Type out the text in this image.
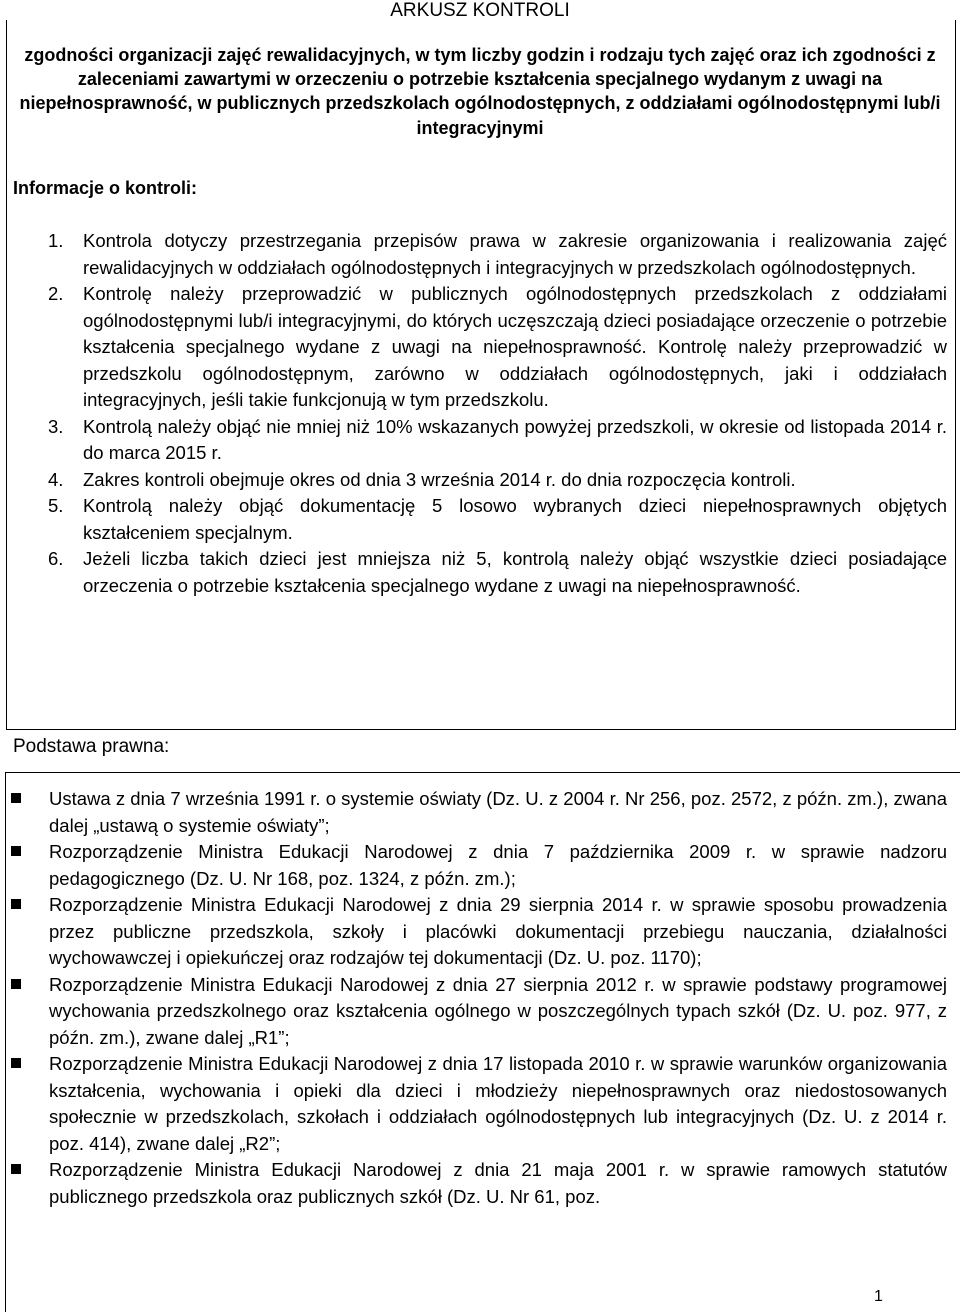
ARKUSZ KONTROLI
zgodności organizacji zajęć rewalidacyjnych, w tym liczby godzin i rodzaju tych zajęć oraz ich zgodności z zaleceniami zawartymi w orzeczeniu o potrzebie kształcenia specjalnego wydanym z uwagi na niepełnosprawność, w publicznych przedszkolach ogólnodostępnych, z oddziałami ogólnodostępnymi lub/i integracyjnymi
Informacje o kontroli:
1. Kontrola dotyczy przestrzegania przepisów prawa w zakresie organizowania i realizowania zajęć rewalidacyjnych w oddziałach ogólnodostępnych i integracyjnych w przedszkolach ogólnodostępnych.
2. Kontrolę należy przeprowadzić w publicznych ogólnodostępnych przedszkolach z oddziałami ogólnodostępnymi lub/i integracyjnymi, do których uczęszczają dzieci posiadające orzeczenie o potrzebie kształcenia specjalnego wydane z uwagi na niepełnosprawność. Kontrolę należy przeprowadzić w przedszkolu ogólnodostępnym, zarówno w oddziałach ogólnodostępnych, jaki i oddziałach integracyjnych, jeśli takie funkcjonują w tym przedszkolu.
3. Kontrolą należy objąć nie mniej niż 10% wskazanych powyżej przedszkoli, w okresie od listopada 2014 r. do marca 2015 r.
4. Zakres kontroli obejmuje okres od dnia 3 września 2014 r. do dnia rozpoczęcia kontroli.
5. Kontrolą należy objąć dokumentację 5 losowo wybranych dzieci niepełnosprawnych objętych kształceniem specjalnym.
6. Jeżeli liczba takich dzieci jest mniejsza niż 5, kontrolą należy objąć wszystkie dzieci posiadające orzeczenia o potrzebie kształcenia specjalnego wydane z uwagi na niepełnosprawność.
Podstawa prawna:
Ustawa z dnia 7 września 1991 r. o systemie oświaty (Dz. U. z 2004 r. Nr 256, poz. 2572, z późn. zm.), zwana dalej „ustawą o systemie oświaty”;
Rozporządzenie Ministra Edukacji Narodowej z dnia 7 października 2009 r. w sprawie nadzoru pedagogicznego (Dz. U. Nr 168, poz. 1324, z późn. zm.);
Rozporządzenie Ministra Edukacji Narodowej z dnia 29 sierpnia 2014 r. w sprawie sposobu prowadzenia przez publiczne przedszkola, szkoły i placówki dokumentacji przebiegu nauczania, działalności wychowawczej i opiekuńczej oraz rodzajów tej dokumentacji (Dz. U. poz. 1170);
Rozporządzenie Ministra Edukacji Narodowej z dnia 27 sierpnia 2012 r. w sprawie podstawy programowej wychowania przedszkolnego oraz kształcenia ogólnego w poszczególnych typach szkół (Dz. U. poz. 977, z późn. zm.), zwane dalej „R1”;
Rozporządzenie Ministra Edukacji Narodowej z dnia 17 listopada 2010 r. w sprawie warunków organizowania kształcenia, wychowania i opieki dla dzieci i młodzieży niepełnosprawnych oraz niedostosowanych społecznie w przedszkolach, szkołach i oddziałach ogólnodostępnych lub integracyjnych (Dz. U. z 2014 r. poz. 414), zwane dalej „R2”;
Rozporządzenie Ministra Edukacji Narodowej z dnia 21 maja 2001 r. w sprawie ramowych statutów publicznego przedszkola oraz publicznych szkół (Dz. U. Nr 61, poz.
1
